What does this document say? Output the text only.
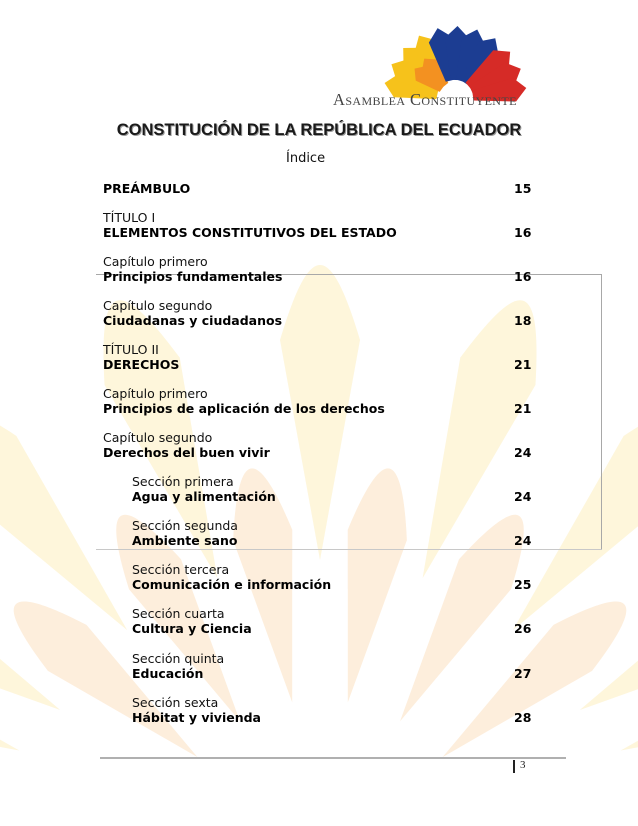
Asamblea Constituyente
CONSTITUCIÓN DE LA REPÚBLICA DEL ECUADOR
Índice
PREÁMBULO	15
TÍTULO I
ELEMENTOS CONSTITUTIVOS DEL ESTADO	16
Capítulo primero
Principios fundamentales	16
Capítulo segundo
Ciudadanas y ciudadanos	18
TÍTULO II
DERECHOS	21
Capítulo primero
Principios de aplicación de los derechos	21
Capítulo segundo
Derechos del buen vivir	24
Sección primera
Agua y alimentación	24
Sección segunda
Ambiente sano	24
Sección tercera
Comunicación e información	25
Sección cuarta
Cultura y Ciencia	26
Sección quinta
Educación	27
Sección sexta
Hábitat y vivienda	28
3
